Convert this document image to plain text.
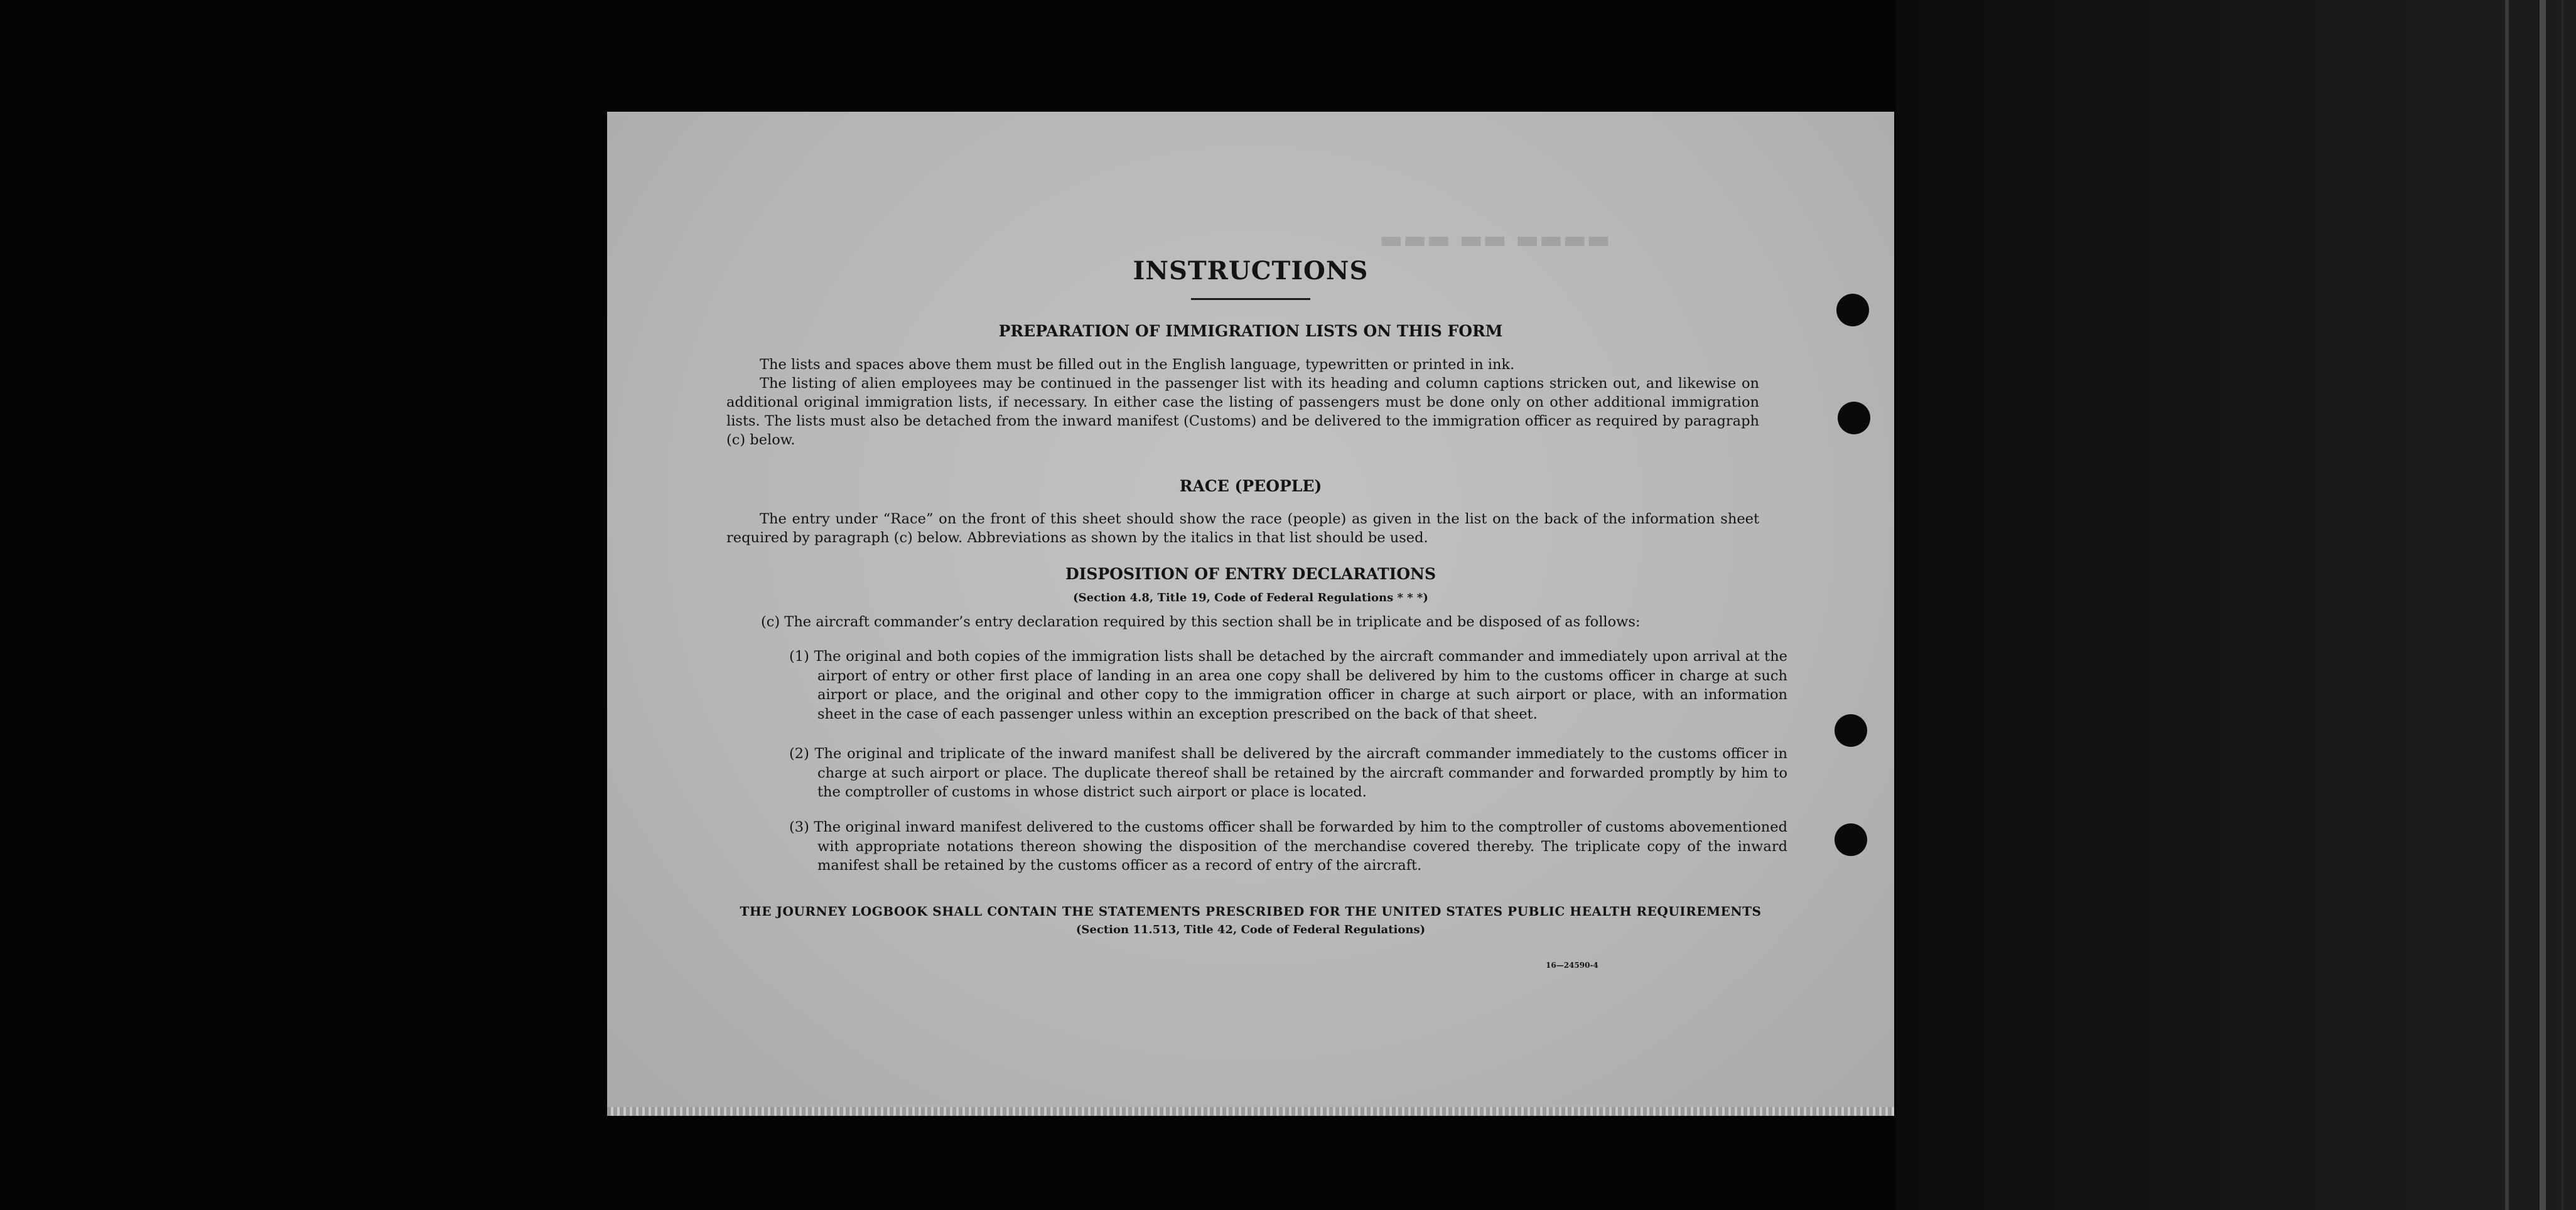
▬▬▬ ▬▬ ▬▬▬▬
INSTRUCTIONS
PREPARATION OF IMMIGRATION LISTS ON THIS FORM

The lists and spaces above them must be filled out in the English language, typewritten or printed in ink.

The listing of alien employees may be continued in the passenger list with its heading and column captions stricken out, and likewise on additional original immigration lists, if necessary. In either case the listing of passengers must be done only on other additional immigration lists. The lists must also be detached from the inward manifest (Customs) and be delivered to the immigration officer as required by paragraph (c) below.

RACE (PEOPLE)

The entry under “Race” on the front of this sheet should show the race (people) as given in the list on the back of the information sheet required by paragraph (c) below. Abbreviations as shown by the italics in that list should be used.

DISPOSITION OF ENTRY DECLARATIONS

(Section 4.8, Title 19, Code of Federal Regulations * * *)

(c) The aircraft commander’s entry declaration required by this section shall be in triplicate and be disposed of as follows:

(1) The original and both copies of the immigration lists shall be detached by the aircraft commander and immediately upon arrival at the airport of entry or other first place of landing in an area one copy shall be delivered by him to the customs officer in charge at such airport or place, and the original and other copy to the immigration officer in charge at such airport or place, with an information sheet in the case of each passenger unless within an exception prescribed on the back of that sheet.
(2) The original and triplicate of the inward manifest shall be delivered by the aircraft commander immediately to the customs officer in charge at such airport or place. The duplicate thereof shall be retained by the aircraft commander and forwarded promptly by him to the comptroller of customs in whose district such airport or place is located.
(3) The original inward manifest delivered to the customs officer shall be forwarded by him to the comptroller of customs abovementioned with appropriate notations thereon showing the disposition of the merchandise covered thereby. The triplicate copy of the inward manifest shall be retained by the customs officer as a record of entry of the aircraft.

THE JOURNEY LOGBOOK SHALL CONTAIN THE STATEMENTS PRESCRIBED FOR THE UNITED STATES PUBLIC HEALTH REQUIREMENTS

(Section 11.513, Title 42, Code of Federal Regulations)

16—24590-4
